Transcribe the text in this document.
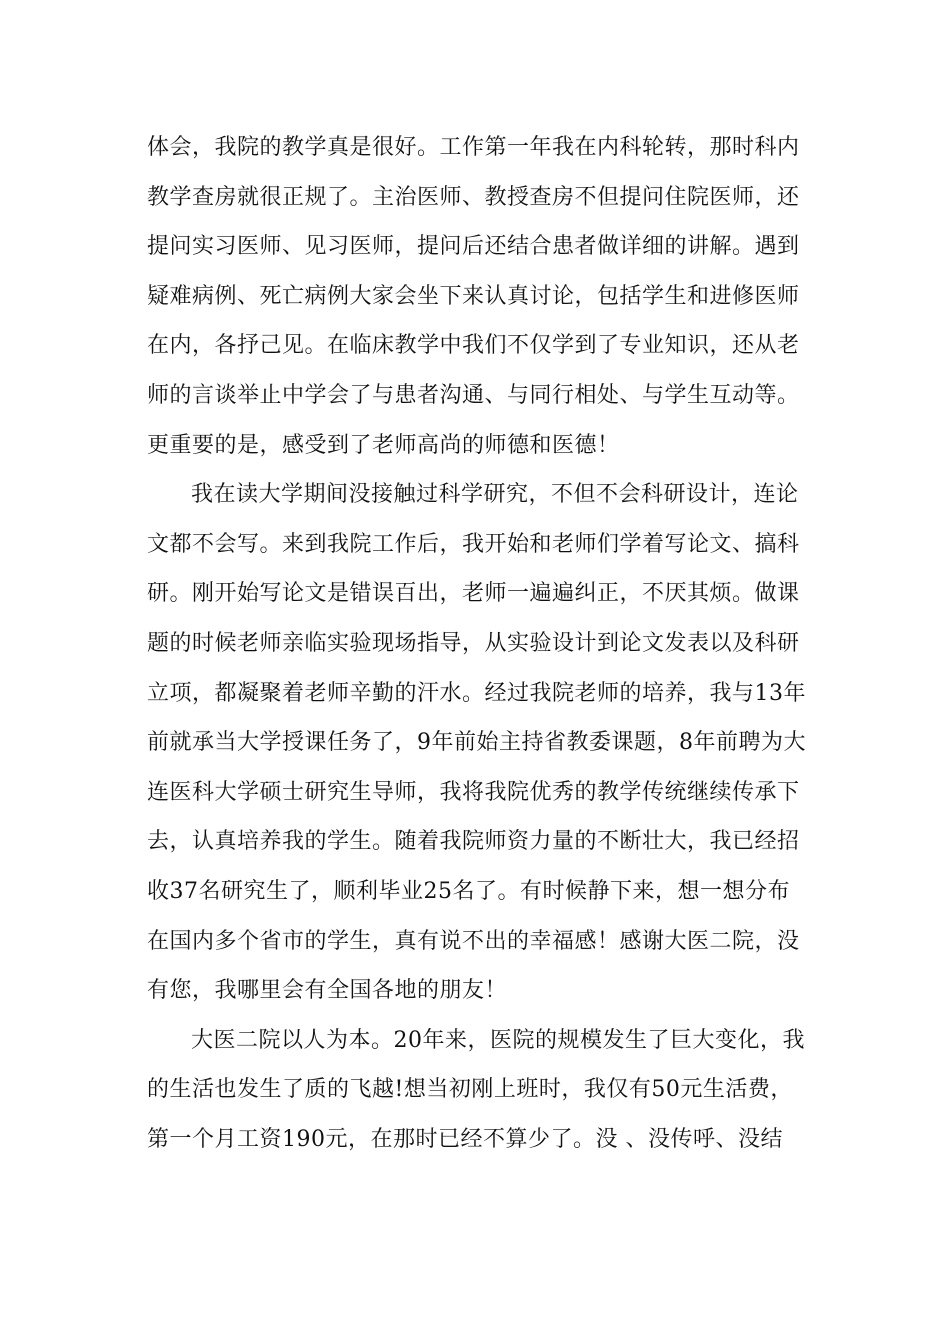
体会，我院的教学真是很好。工作第一年我在内科轮转，那时科内
教学查房就很正规了。主治医师、教授查房不但提问住院医师，还
提问实习医师、见习医师，提问后还结合患者做详细的讲解。遇到
疑难病例、死亡病例大家会坐下来认真讨论，包括学生和进修医师
在内，各抒己见。在临床教学中我们不仅学到了专业知识，还从老
师的言谈举止中学会了与患者沟通、与同行相处、与学生互动等。
更重要的是，感受到了老师高尚的师德和医德！
我在读大学期间没接触过科学研究，不但不会科研设计，连论
文都不会写。来到我院工作后，我开始和老师们学着写论文、搞科
研。刚开始写论文是错误百出，老师一遍遍纠正，不厌其烦。做课
题的时候老师亲临实验现场指导，从实验设计到论文发表以及科研
立项，都凝聚着老师辛勤的汗水。经过我院老师的培养，我与13年
前就承当大学授课任务了，9年前始主持省教委课题，8年前聘为大
连医科大学硕士研究生导师，我将我院优秀的教学传统继续传承下
去，认真培养我的学生。随着我院师资力量的不断壮大，我已经招
收37名研究生了，顺利毕业25名了。有时候静下来，想一想分布
在国内多个省市的学生，真有说不出的幸福感！感谢大医二院，没
有您，我哪里会有全国各地的朋友！
大医二院以人为本。20年来，医院的规模发生了巨大变化，我
的生活也发生了质的飞越!想当初刚上班时，我仅有50元生活费，
第一个月工资190元，在那时已经不算少了。没 、没传呼、没结
